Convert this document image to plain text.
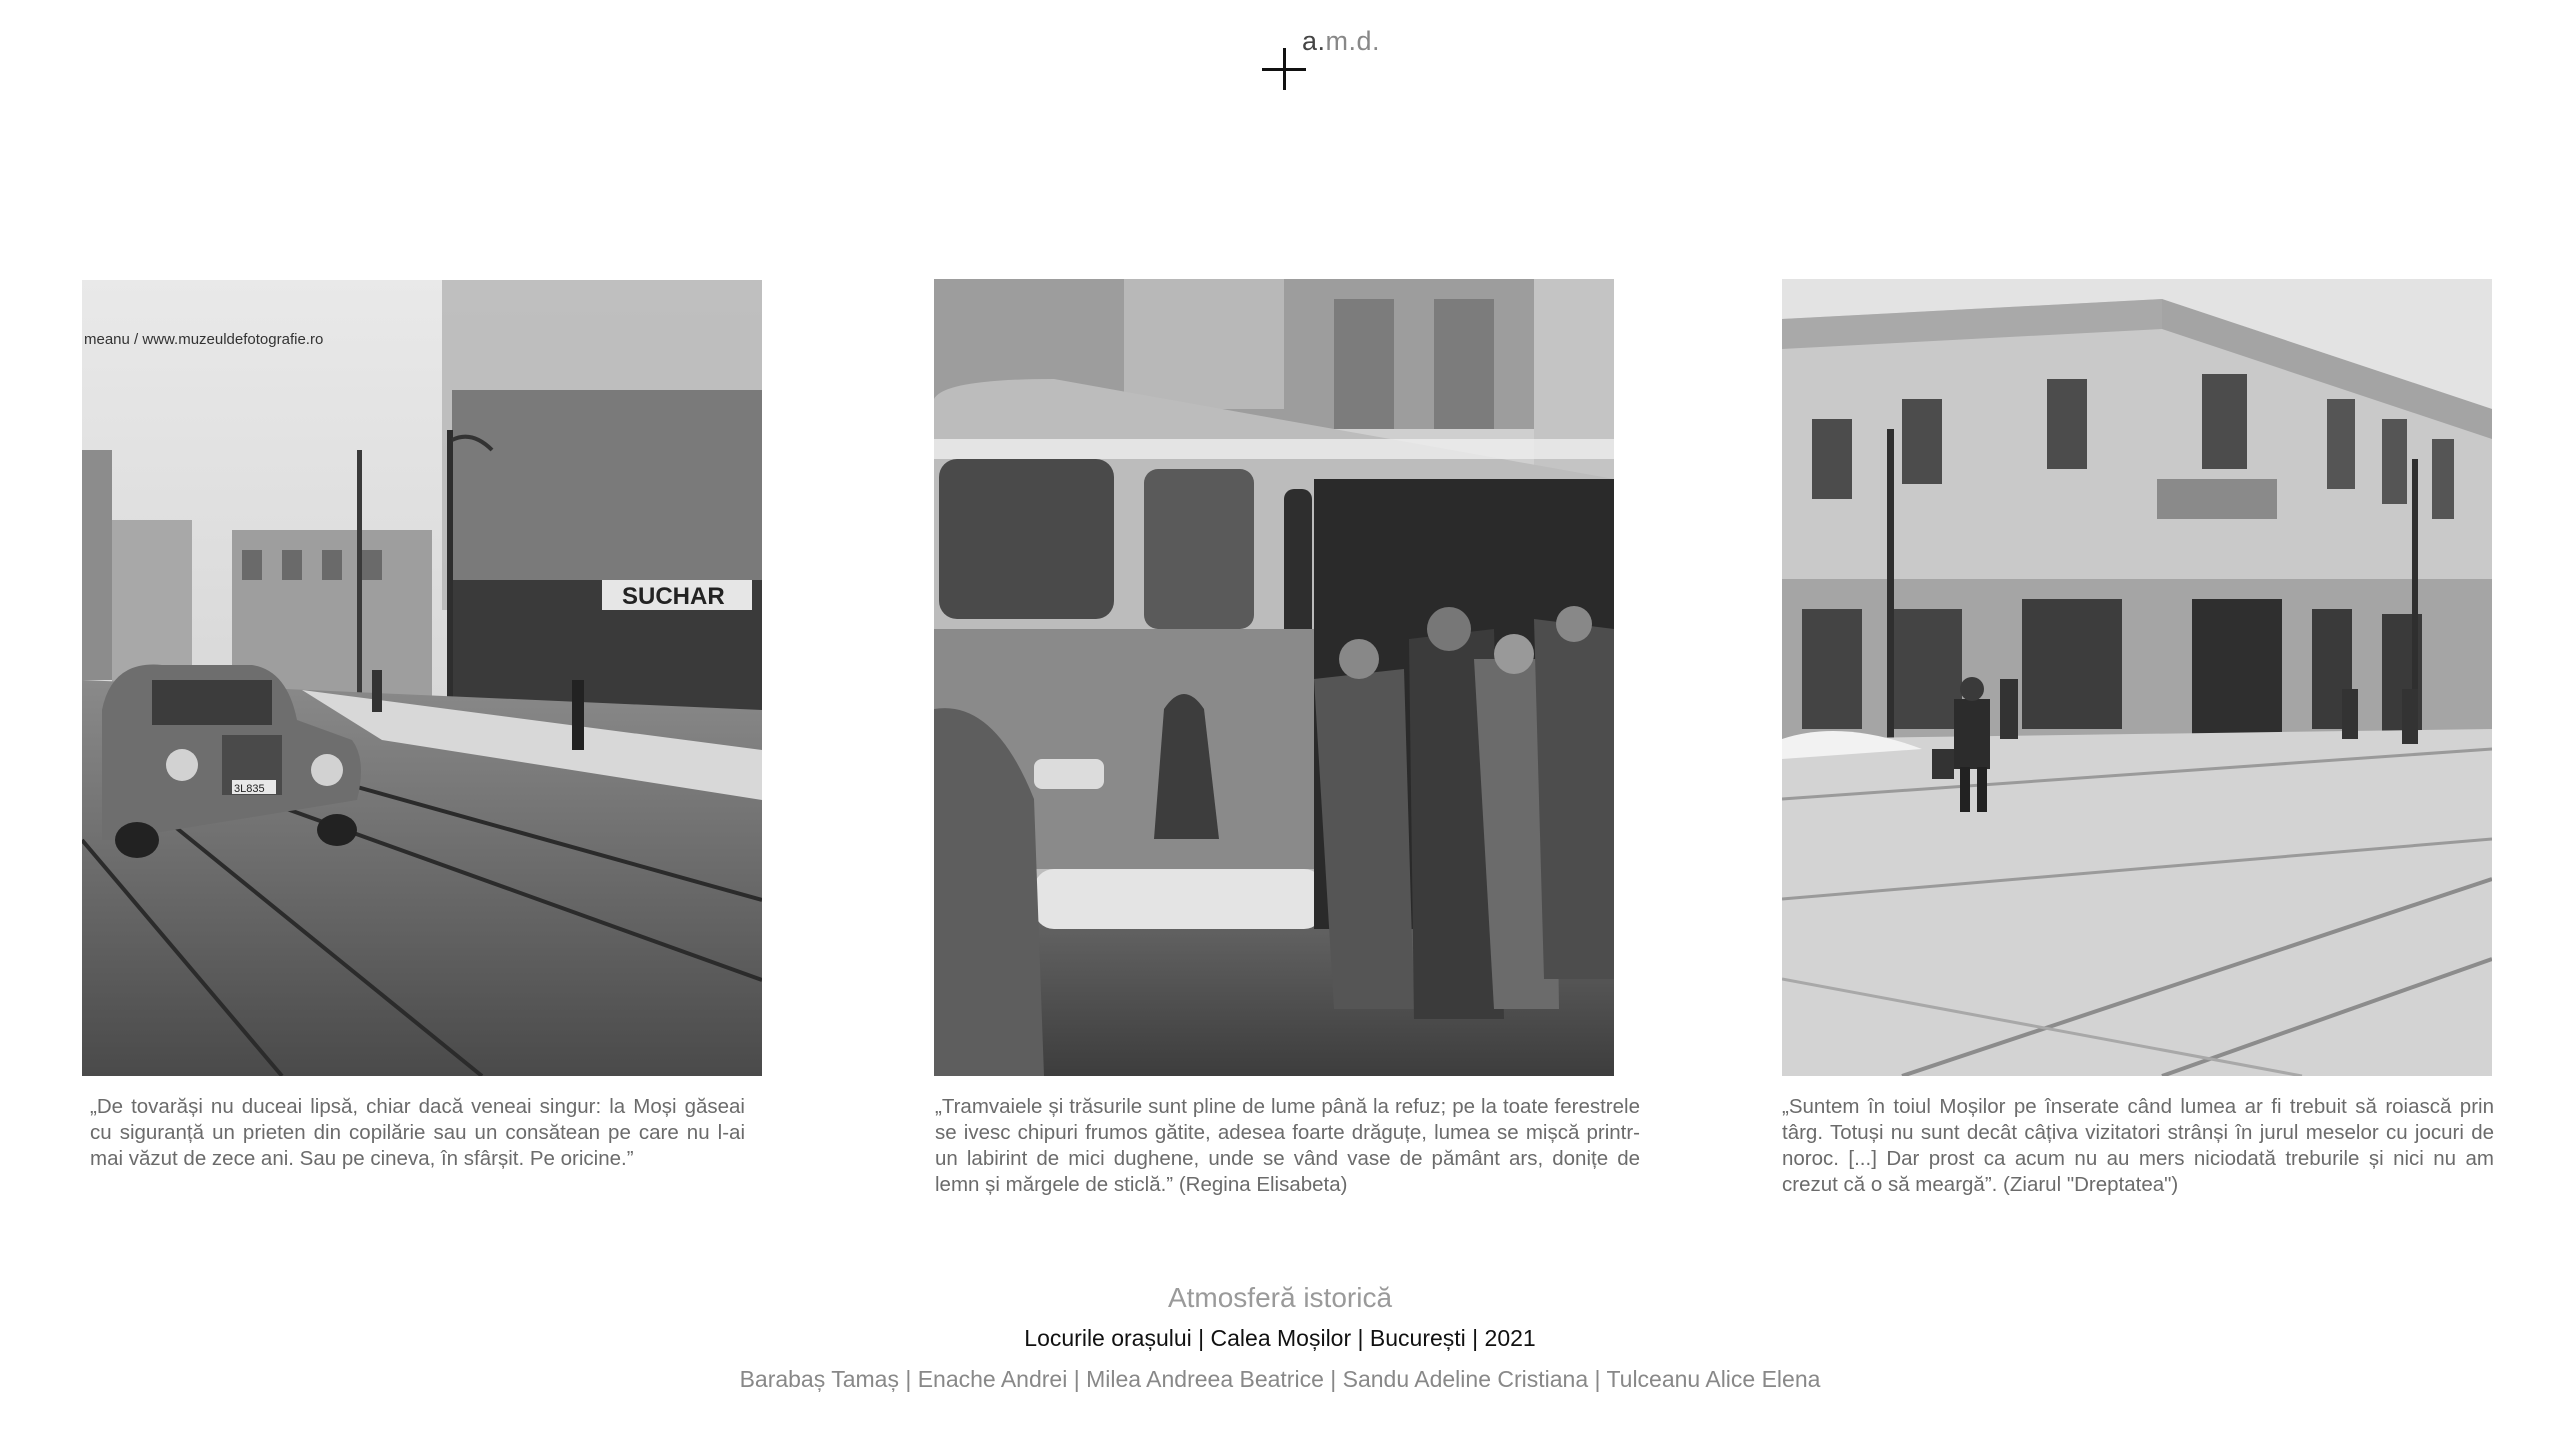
a.m.d.
meanu / www.muzeuldefotografie.ro
SUCHAR
3L835
„De tovarăși nu duceai lipsă, chiar dacă veneai singur: la Moși găseai cu siguranță un prieten din copilărie sau un consătean pe care nu l-ai mai văzut de zece ani. Sau pe cineva, în sfârșit. Pe oricine.”
„Tramvaiele și trăsurile sunt pline de lume până la refuz; pe la toate ferestrele se ivesc chipuri frumos gătite, adesea foarte drăguțe, lumea se mișcă printr-un labirint de mici dughene, unde se vând vase de pământ ars, donițe de lemn și mărgele de sticlă.” (Regina Elisabeta)
„Suntem în toiul Moșilor pe înserate când lumea ar fi trebuit să roiască prin târg. Totuși nu sunt decât câțiva vizitatori strânși în jurul meselor cu jocuri de noroc. [...] Dar prost ca acum nu au mers niciodată treburile și nici nu am crezut că o să meargă”. (Ziarul "Dreptatea")
Atmosferă istorică
Locurile orașului | Calea Moșilor | București | 2021
Barabaș Tamaș | Enache Andrei | Milea Andreea Beatrice | Sandu Adeline Cristiana | Tulceanu Alice Elena
